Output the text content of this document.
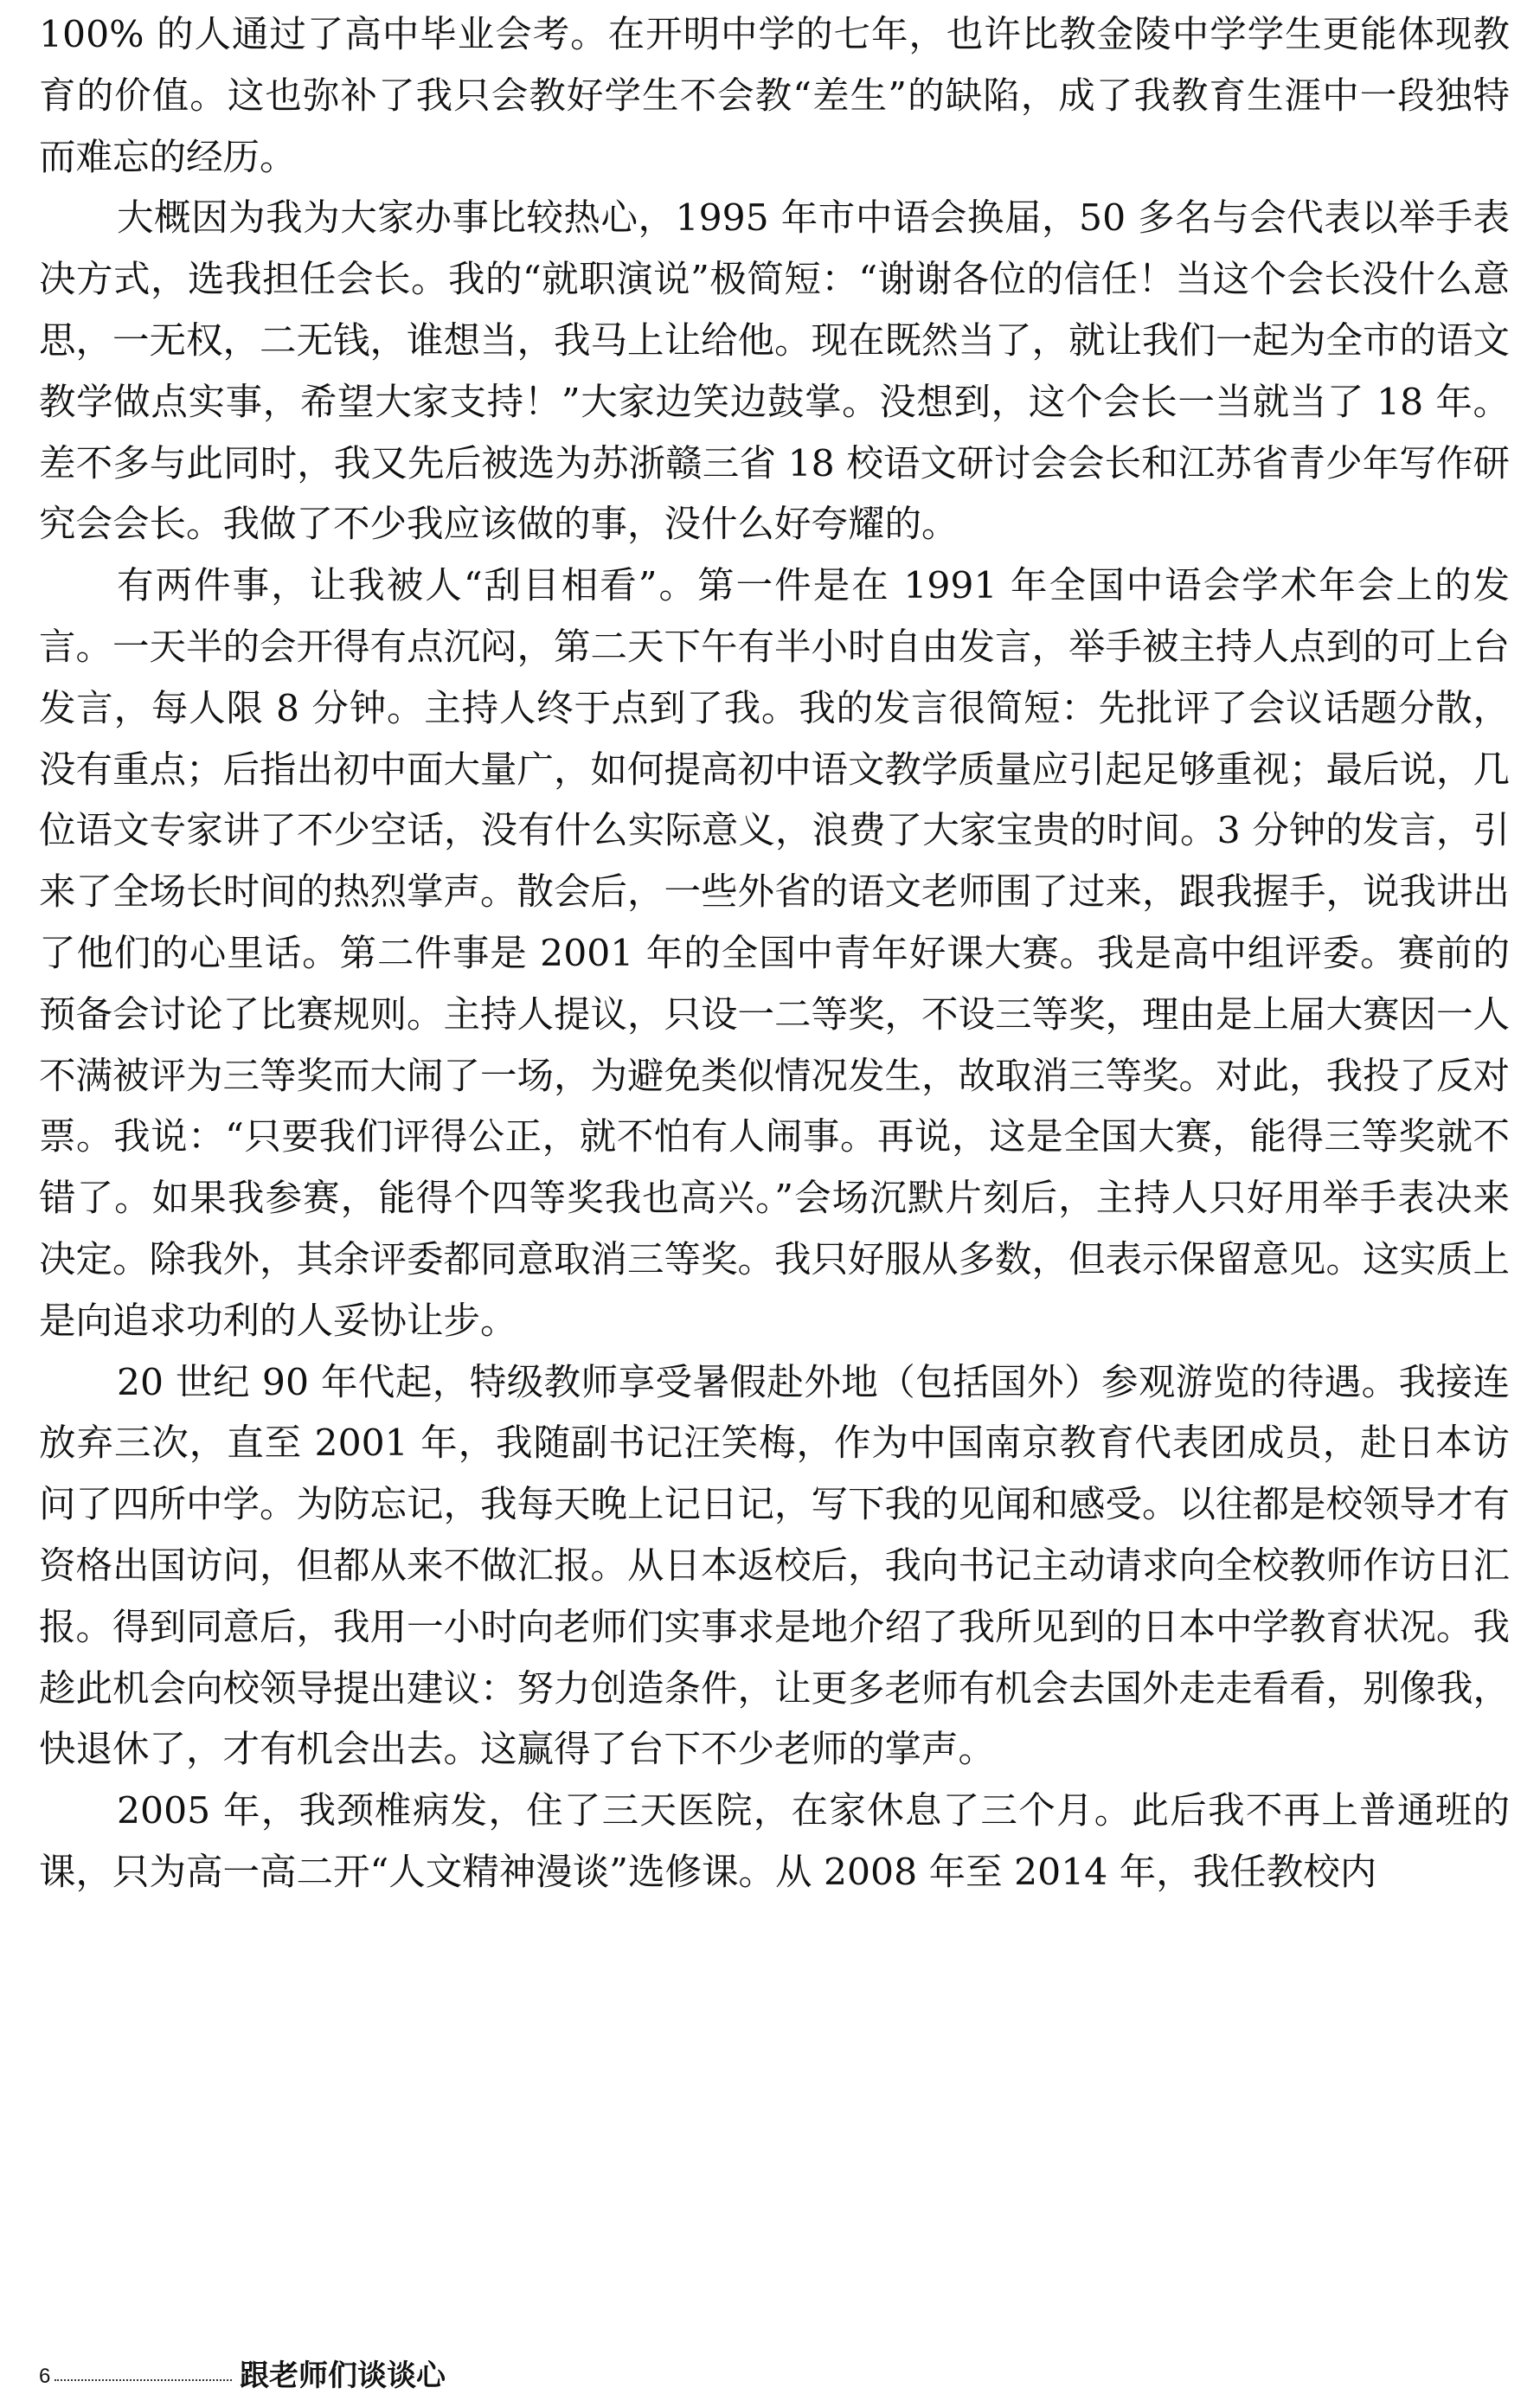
100% 的人通过了高中毕业会考。在开明中学的七年，也许比教金陵中学学生更能体现教育的价值。这也弥补了我只会教好学生不会教“差生”的缺陷，成了我教育生涯中一段独特而难忘的经历。

大概因为我为大家办事比较热心，1995 年市中语会换届，50 多名与会代表以举手表决方式，选我担任会长。我的“就职演说”极简短：“谢谢各位的信任！当这个会长没什么意思，一无权，二无钱，谁想当，我马上让给他。现在既然当了，就让我们一起为全市的语文教学做点实事，希望大家支持！”大家边笑边鼓掌。没想到，这个会长一当就当了 18 年。差不多与此同时，我又先后被选为苏浙赣三省 18 校语文研讨会会长和江苏省青少年写作研究会会长。我做了不少我应该做的事，没什么好夸耀的。

有两件事，让我被人“刮目相看”。第一件是在 1991 年全国中语会学术年会上的发言。一天半的会开得有点沉闷，第二天下午有半小时自由发言，举手被主持人点到的可上台发言，每人限 8 分钟。主持人终于点到了我。我的发言很简短：先批评了会议话题分散，没有重点；后指出初中面大量广，如何提高初中语文教学质量应引起足够重视；最后说，几位语文专家讲了不少空话，没有什么实际意义，浪费了大家宝贵的时间。3 分钟的发言，引来了全场长时间的热烈掌声。散会后，一些外省的语文老师围了过来，跟我握手，说我讲出了他们的心里话。第二件事是 2001 年的全国中青年好课大赛。我是高中组评委。赛前的预备会讨论了比赛规则。主持人提议，只设一二等奖，不设三等奖，理由是上届大赛因一人不满被评为三等奖而大闹了一场，为避免类似情况发生，故取消三等奖。对此，我投了反对票。我说：“只要我们评得公正，就不怕有人闹事。再说，这是全国大赛，能得三等奖就不错了。如果我参赛，能得个四等奖我也高兴。”会场沉默片刻后，主持人只好用举手表决来决定。除我外，其余评委都同意取消三等奖。我只好服从多数，但表示保留意见。这实质上是向追求功利的人妥协让步。

20 世纪 90 年代起，特级教师享受暑假赴外地（包括国外）参观游览的待遇。我接连放弃三次，直至 2001 年，我随副书记汪笑梅，作为中国南京教育代表团成员，赴日本访问了四所中学。为防忘记，我每天晚上记日记，写下我的见闻和感受。以往都是校领导才有资格出国访问，但都从来不做汇报。从日本返校后，我向书记主动请求向全校教师作访日汇报。得到同意后，我用一小时向老师们实事求是地介绍了我所见到的日本中学教育状况。我趁此机会向校领导提出建议：努力创造条件，让更多老师有机会去国外走走看看，别像我，快退休了，才有机会出去。这赢得了台下不少老师的掌声。

2005 年，我颈椎病发，住了三天医院，在家休息了三个月。此后我不再上普通班的课，只为高一高二开“人文精神漫谈”选修课。从 2008 年至 2014 年，我任教校内

6	跟老师们谈谈心
